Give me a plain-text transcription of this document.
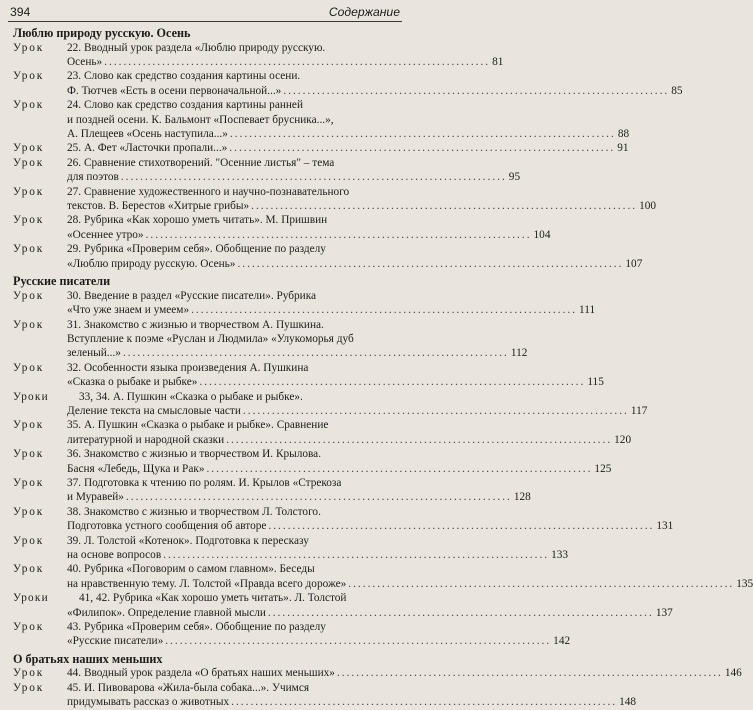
394	Содержание
Люблю природу русскую. Осень
Урок 22. Вводный урок раздела «Люблю природу русскую.
Осень» ................................................................................ 81
Урок 23. Слово как средство создания картины осени.
Ф. Тютчев «Есть в осени первоначальной...» ................................................................................ 85
Урок 24. Слово как средство создания картины ранней
и поздней осени. К. Бальмонт «Поспевает брусника...»,
А. Плещеев «Осень наступила...» ................................................................................ 88
Урок 25. А. Фет «Ласточки пропали...» ................................................................................ 91
Урок 26. Сравнение стихотворений. "Осенние листья" – тема
для поэтов ................................................................................ 95
Урок 27. Сравнение художественного и научно-познавательного
текстов. В. Берестов «Хитрые грибы» ................................................................................ 100
Урок 28. Рубрика «Как хорошо уметь читать». М. Пришвин
«Осеннее утро» ................................................................................ 104
Урок 29. Рубрика «Проверим себя». Обобщение по разделу
«Люблю природу русскую. Осень» ................................................................................ 107
Русские писатели
Урок 30. Введение в раздел «Русские писатели». Рубрика
«Что уже знаем и умеем» ................................................................................ 111
Урок 31. Знакомство с жизнью и творчеством А. Пушкина.
Вступление к поэме «Руслан и Людмила» «Улукоморья дуб
зеленый...» ................................................................................ 112
Урок 32. Особенности языка произведения А. Пушкина
«Сказка о рыбаке и рыбке» ................................................................................ 115
Уроки	33, 34. А. Пушкин «Сказка о рыбаке и рыбке».
Деление текста на смысловые части ................................................................................ 117
Урок 35. А. Пушкин «Сказка о рыбаке и рыбке». Сравнение
литературной и народной сказки ................................................................................ 120
Урок 36. Знакомство с жизнью и творчеством И. Крылова.
Басня «Лебедь, Щука и Рак» ................................................................................ 125
Урок 37. Подготовка к чтению по ролям. И. Крылов «Стрекоза
и Муравей» ................................................................................ 128
Урок 38. Знакомство с жизнью и творчеством Л. Толстого.
Подготовка устного сообщения об авторе ................................................................................ 131
Урок 39. Л. Толстой «Котенок». Подготовка к пересказу
на основе вопросов ................................................................................ 133
Урок 40. Рубрика «Поговорим о самом главном». Беседы
на нравственную тему. Л. Толстой «Правда всего дороже» ................................................................................ 135
Уроки	41, 42. Рубрика «Как хорошо уметь читать». Л. Толстой
«Филипок». Определение главной мысли ................................................................................ 137
Урок 43. Рубрика «Проверим себя». Обобщение по разделу
«Русские писатели» ................................................................................ 142
О братьях наших меньших
Урок 44. Вводный урок раздела «О братьях наших меньших» ................................................................................ 146
Урок 45. И. Пивоварова «Жила-была собака...». Учимся
придумывать рассказ о животных ................................................................................ 148
